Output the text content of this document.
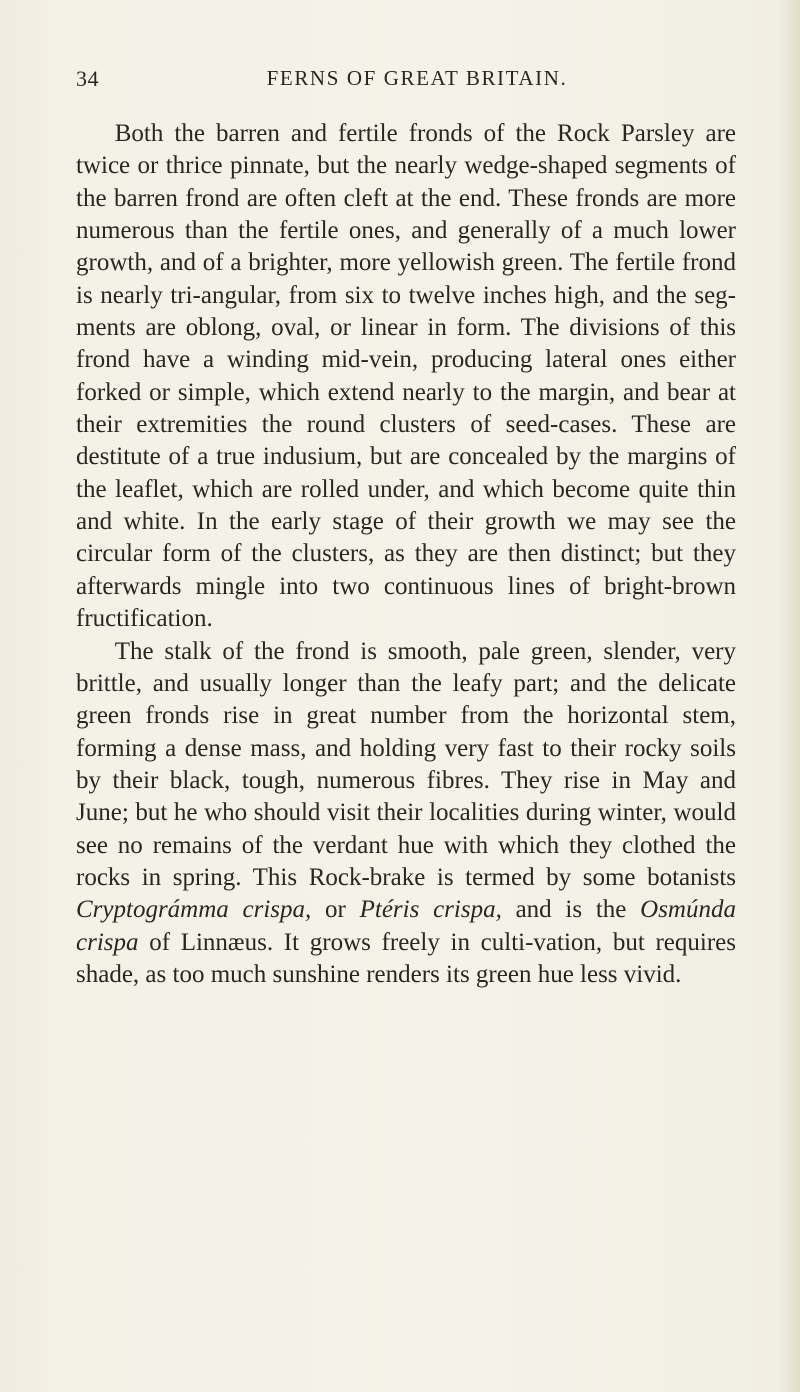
34	FERNS OF GREAT BRITAIN.

Both the barren and fertile fronds of the Rock Parsley are twice or thrice pinnate, but the nearly wedge-shaped segments of the barren frond are often cleft at the end. These fronds are more numerous than the fertile ones, and generally of a much lower growth, and of a brighter, more yellowish green. The fertile frond is nearly tri-angular, from six to twelve inches high, and the seg-ments are oblong, oval, or linear in form. The divisions of this frond have a winding mid-vein, producing lateral ones either forked or simple, which extend nearly to the margin, and bear at their extremities the round clusters of seed-cases. These are destitute of a true indusium, but are concealed by the margins of the leaflet, which are rolled under, and which become quite thin and white. In the early stage of their growth we may see the circular form of the clusters, as they are then distinct; but they afterwards mingle into two continuous lines of bright-brown fructification.

The stalk of the frond is smooth, pale green, slender, very brittle, and usually longer than the leafy part; and the delicate green fronds rise in great number from the horizontal stem, forming a dense mass, and holding very fast to their rocky soils by their black, tough, numerous fibres. They rise in May and June; but he who should visit their localities during winter, would see no remains of the verdant hue with which they clothed the rocks in spring. This Rock-brake is termed by some botanists Cryptográmma crispa, or Ptéris crispa, and is the Osmúnda crispa of Linnæus. It grows freely in culti-vation, but requires shade, as too much sunshine renders its green hue less vivid.
